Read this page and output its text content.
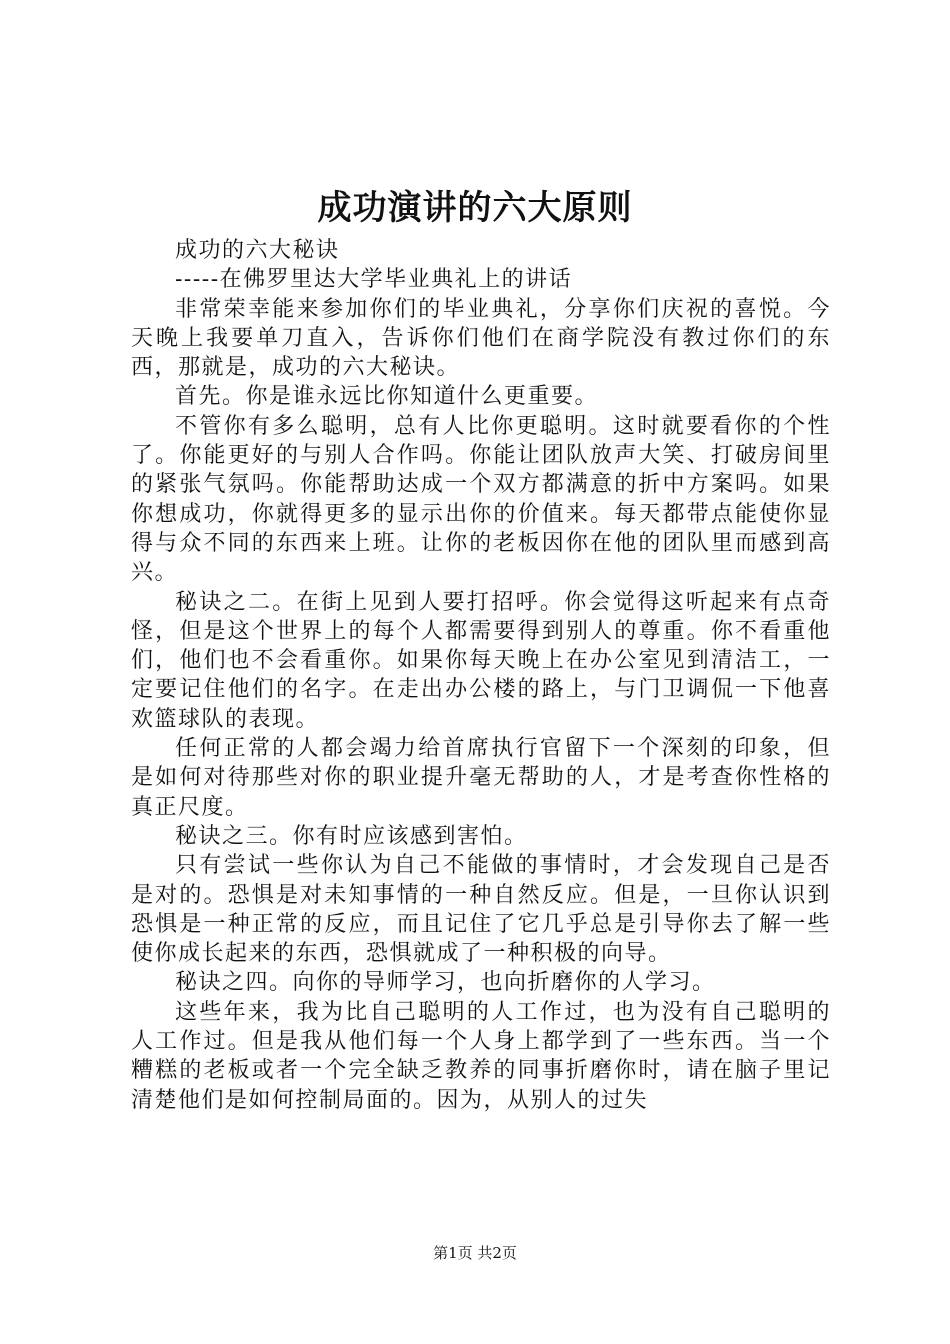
成功演讲的六大原则

成功的六大秘诀

-----在佛罗里达大学毕业典礼上的讲话

非常荣幸能来参加你们的毕业典礼，分享你们庆祝的喜悦。今天晚上我要单刀直入，告诉你们他们在商学院没有教过你们的东西，那就是，成功的六大秘诀。

首先。你是谁永远比你知道什么更重要。

不管你有多么聪明，总有人比你更聪明。这时就要看你的个性了。你能更好的与别人合作吗。你能让团队放声大笑、打破房间里的紧张气氛吗。你能帮助达成一个双方都满意的折中方案吗。如果你想成功，你就得更多的显示出你的价值来。每天都带点能使你显得与众不同的东西来上班。让你的老板因你在他的团队里而感到高兴。

秘诀之二。在街上见到人要打招呼。你会觉得这听起来有点奇怪，但是这个世界上的每个人都需要得到别人的尊重。你不看重他们，他们也不会看重你。如果你每天晚上在办公室见到清洁工，一定要记住他们的名字。在走出办公楼的路上，与门卫调侃一下他喜欢篮球队的表现。

任何正常的人都会竭力给首席执行官留下一个深刻的印象，但是如何对待那些对你的职业提升毫无帮助的人，才是考查你性格的真正尺度。

秘诀之三。你有时应该感到害怕。

只有尝试一些你认为自己不能做的事情时，才会发现自己是否是对的。恐惧是对未知事情的一种自然反应。但是，一旦你认识到恐惧是一种正常的反应，而且记住了它几乎总是引导你去了解一些使你成长起来的东西，恐惧就成了一种积极的向导。

秘诀之四。向你的导师学习，也向折磨你的人学习。

这些年来，我为比自己聪明的人工作过，也为没有自己聪明的人工作过。但是我从他们每一个人身上都学到了一些东西。当一个糟糕的老板或者一个完全缺乏教养的同事折磨你时，请在脑子里记清楚他们是如何控制局面的。因为，从别人的过失

第1页 共2页
